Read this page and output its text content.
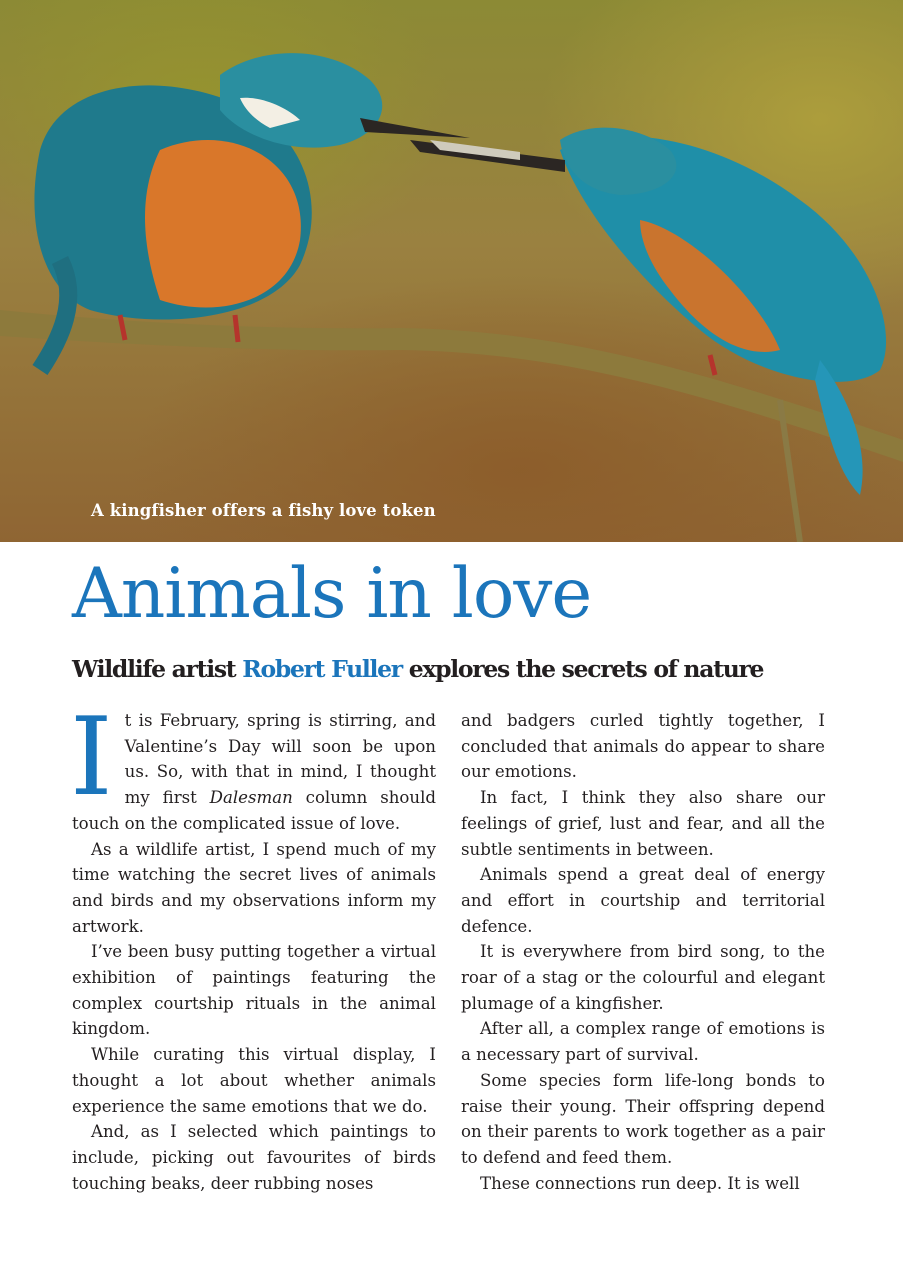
A kingfisher offers a fishy love token

Animals in love
Wildlife artist Robert Fuller explores the secrets of nature

It is February, spring is stirring, and Valentine’s Day will soon be upon us. So, with that in mind, I thought my first Dalesman column should touch on the complicated issue of love.

As a wildlife artist, I spend much of my time watching the secret lives of animals and birds and my observations inform my artwork.

I’ve been busy putting together a virtual exhibition of paintings featuring the complex courtship rituals in the animal kingdom.

While curating this virtual display, I thought a lot about whether animals experience the same emotions that we do.

And, as I selected which paintings to include, picking out favourites of birds touching beaks, deer rubbing noses

and badgers curled tightly together, I concluded that animals do appear to share our emotions.

In fact, I think they also share our feelings of grief, lust and fear, and all the subtle sentiments in between.

Animals spend a great deal of energy and effort in courtship and territorial defence.

It is everywhere from bird song, to the roar of a stag or the colourful and elegant plumage of a kingfisher.

After all, a complex range of emotions is a necessary part of survival.

Some species form life-long bonds to raise their young. Their offspring depend on their parents to work together as a pair to defend and feed them.

These connections run deep. It is well
